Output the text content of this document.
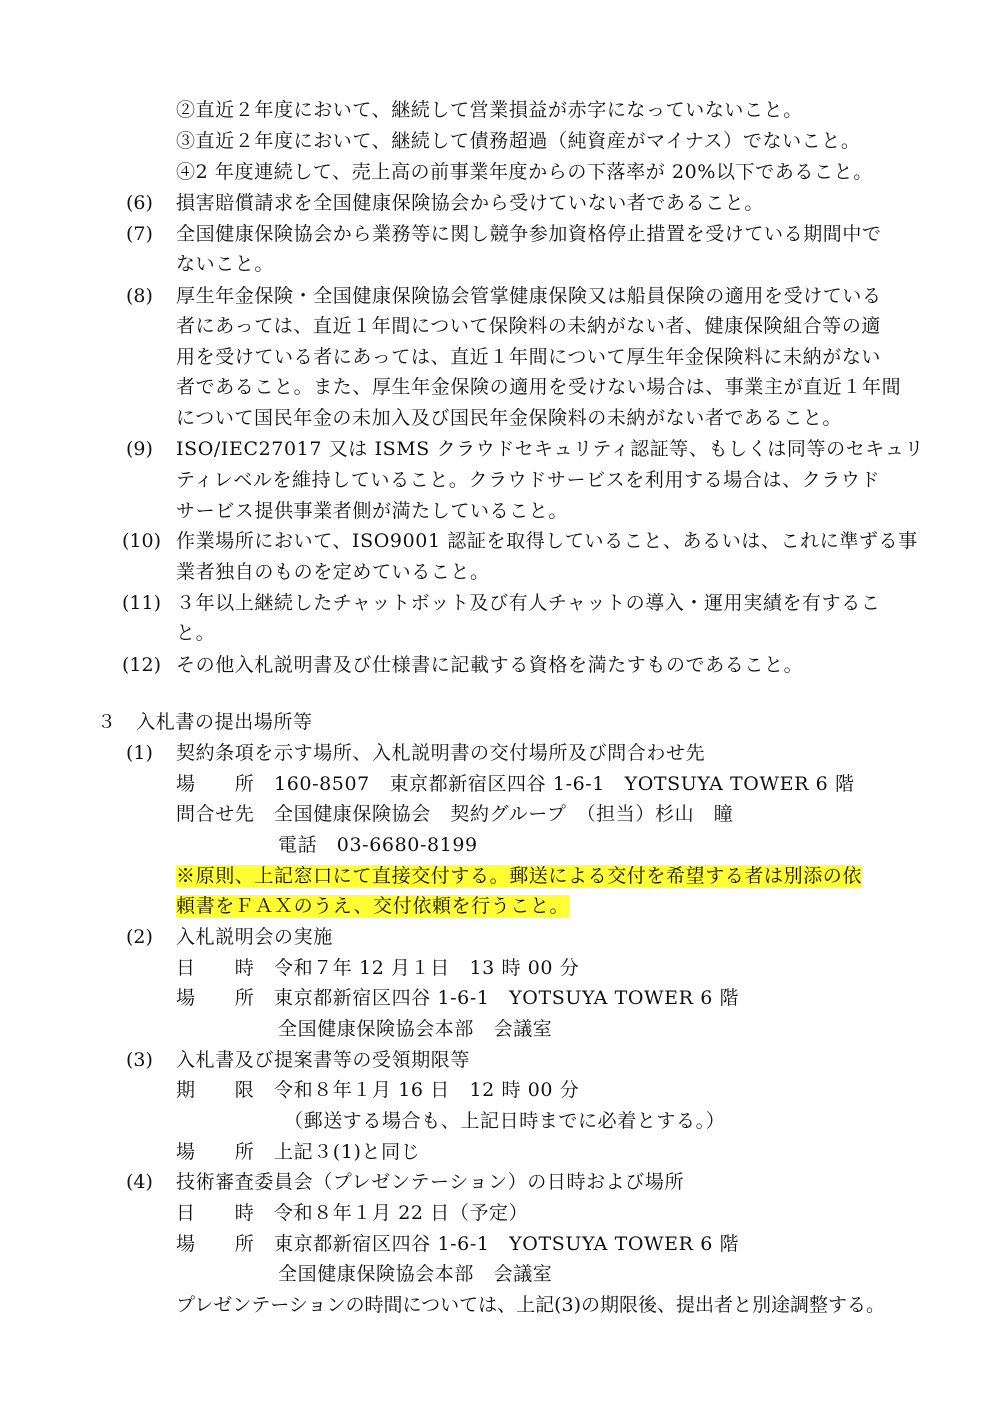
②直近２年度において、継続して営業損益が赤字になっていないこと。
③直近２年度において、継続して債務超過（純資産がマイナス）でないこと。
④2 年度連続して、売上高の前事業年度からの下落率が 20%以下であること。
(6) 損害賠償請求を全国健康保険協会から受けていない者であること。
(7) 全国健康保険協会から業務等に関し競争参加資格停止措置を受けている期間中で
ないこと。
(8) 厚生年金保険・全国健康保険協会管掌健康保険又は船員保険の適用を受けている
者にあっては、直近１年間について保険料の未納がない者、健康保険組合等の適
用を受けている者にあっては、直近１年間について厚生年金保険料に未納がない
者であること。また、厚生年金保険の適用を受けない場合は、事業主が直近１年間
について国民年金の未加入及び国民年金保険料の未納がない者であること。
(9) ISO/IEC27017 又は ISMS クラウドセキュリティ認証等、もしくは同等のセキュリ
ティレベルを維持していること。クラウドサービスを利用する場合は、クラウド
サービス提供事業者側が満たしていること。
(10) 作業場所において、ISO9001 認証を取得していること、あるいは、これに準ずる事
業者独自のものを定めていること。
(11) ３年以上継続したチャットボット及び有人チャットの導入・運用実績を有するこ
と。
(12) その他入札説明書及び仕様書に記載する資格を満たすものであること。
３　入札書の提出場所等
(1) 契約条項を示す場所、入札説明書の交付場所及び問合わせ先
場　　所　160-8507　東京都新宿区四谷 1-6-1　YOTSUYA TOWER 6 階
問合せ先　全国健康保険協会　契約グループ　（担当）杉山　瞳
電話　03-6680-8199
※原則、上記窓口にて直接交付する。郵送による交付を希望する者は別添の依
頼書をＦＡＸのうえ、交付依頼を行うこと。
(2) 入札説明会の実施
日　　時　令和７年 12 月１日　13 時 00 分
場　　所　東京都新宿区四谷 1-6-1　YOTSUYA TOWER 6 階
全国健康保険協会本部　会議室
(3) 入札書及び提案書等の受領期限等
期　　限　令和８年１月 16 日　12 時 00 分
（郵送する場合も、上記日時までに必着とする。）
場　　所　上記３(1)と同じ
(4) 技術審査委員会（プレゼンテーション）の日時および場所
日　　時　令和８年１月 22 日（予定）
場　　所　東京都新宿区四谷 1-6-1　YOTSUYA TOWER 6 階
全国健康保険協会本部　会議室
プレゼンテーションの時間については、上記(3)の期限後、提出者と別途調整する。
